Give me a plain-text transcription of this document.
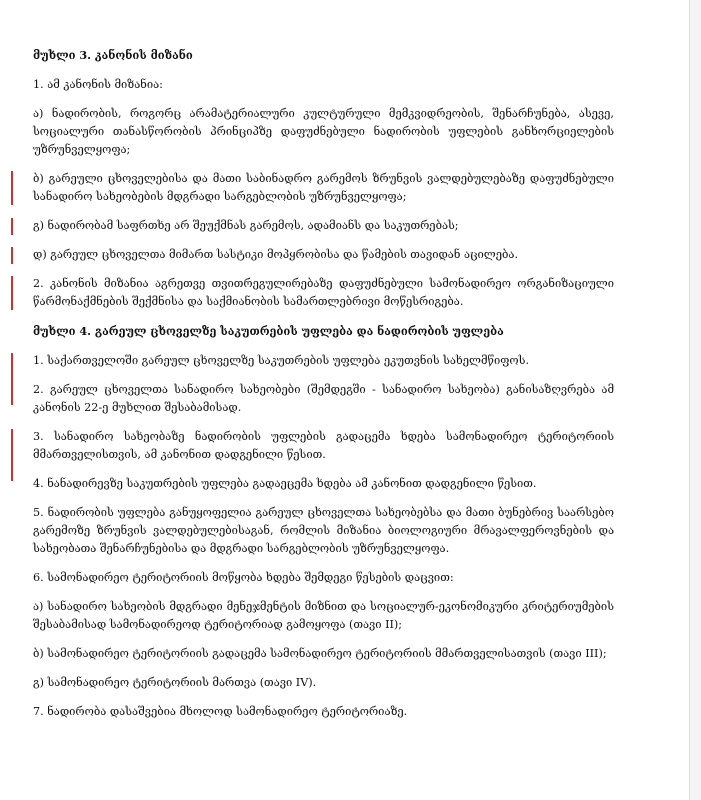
მუხლი 3. კანონის მიზანი
1. ამ კანონის მიზანია:
ა) ნადირობის, როგორც არამატერიალური კულტურული მემკვიდრეობის, შენარჩუნება, ასევე, სოციალური თანასწორობის პრინციპზე დაფუძნებული ნადირობის უფლების განხორციელების უზრუნველყოფა;
ბ) გარეული ცხოველებისა და მათი საბინადრო გარემოს ზრუნვის ვალდებულებაზე დაფუძნებული სანადირო სახეობების მდგრადი სარგებლობის უზრუნველყოფა;
გ) ნადირობამ საფრთხე არ შეუქმნას გარემოს, ადამიანს და საკუთრებას;
დ) გარეულ ცხოველთა მიმართ სასტიკი მოპყრობისა და წამების თავიდან აცილება.
2. კანონის მიზანია აგრეთვე თვითრეგულირებაზე დაფუძნებული სამონადირეო ორგანიზაციული წარმონაქმნების შექმნისა და საქმიანობის სამართლებრივი მოწესრიგება.
მუხლი 4. გარეულ ცხოველზე საკუთრების უფლება და ნადირობის უფლება
1. საქართველოში გარეულ ცხოველზე საკუთრების უფლება ეკუთვნის სახელმწიფოს.
2. გარეულ ცხოველთა სანადირო სახეობები (შემდეგში - სანადირო სახეობა) განისაზღვრება ამ კანონის 22-ე მუხლით შესაბამისად.
3. სანადირო სახეობაზე ნადირობის უფლების გადაცემა ხდება სამონადირეო ტერიტორიის მმართველისთვის, ამ კანონით დადგენილი წესით.
4. ნანადირევზე საკუთრების უფლება გადაეცემა ხდება ამ კანონით დადგენილი წესით.
5. ნადირობის უფლება განუყოფელია გარეულ ცხოველთა სახეობებსა და მათი ბუნებრივ საარსებო გარემოზე ზრუნვის ვალდებულებისაგან, რომლის მიზანია ბიოლოგიური მრავალფეროვნების და სახეობათა შენარჩუნებისა და მდგრადი სარგებლობის უზრუნველყოფა.
6. სამონადირეო ტერიტორიის მოწყობა ხდება შემდეგი წესების დაცვით:
ა) სანადირო სახეობის მდგრადი მენეჯმენტის მიზნით და სოციალურ-ეკონომიკური კრიტერიუმების შესაბამისად სამონადირეოდ ტერიტორიად გამოყოფა (თავი II);
ბ) სამონადირეო ტერიტორიის გადაცემა სამონადირეო ტერიტორიის მმართველისათვის (თავი III);
გ) სამონადირეო ტერიტორიის მართვა (თავი IV).
7. ნადირობა დასაშვებია მხოლოდ სამონადირეო ტერიტორიაზე.
